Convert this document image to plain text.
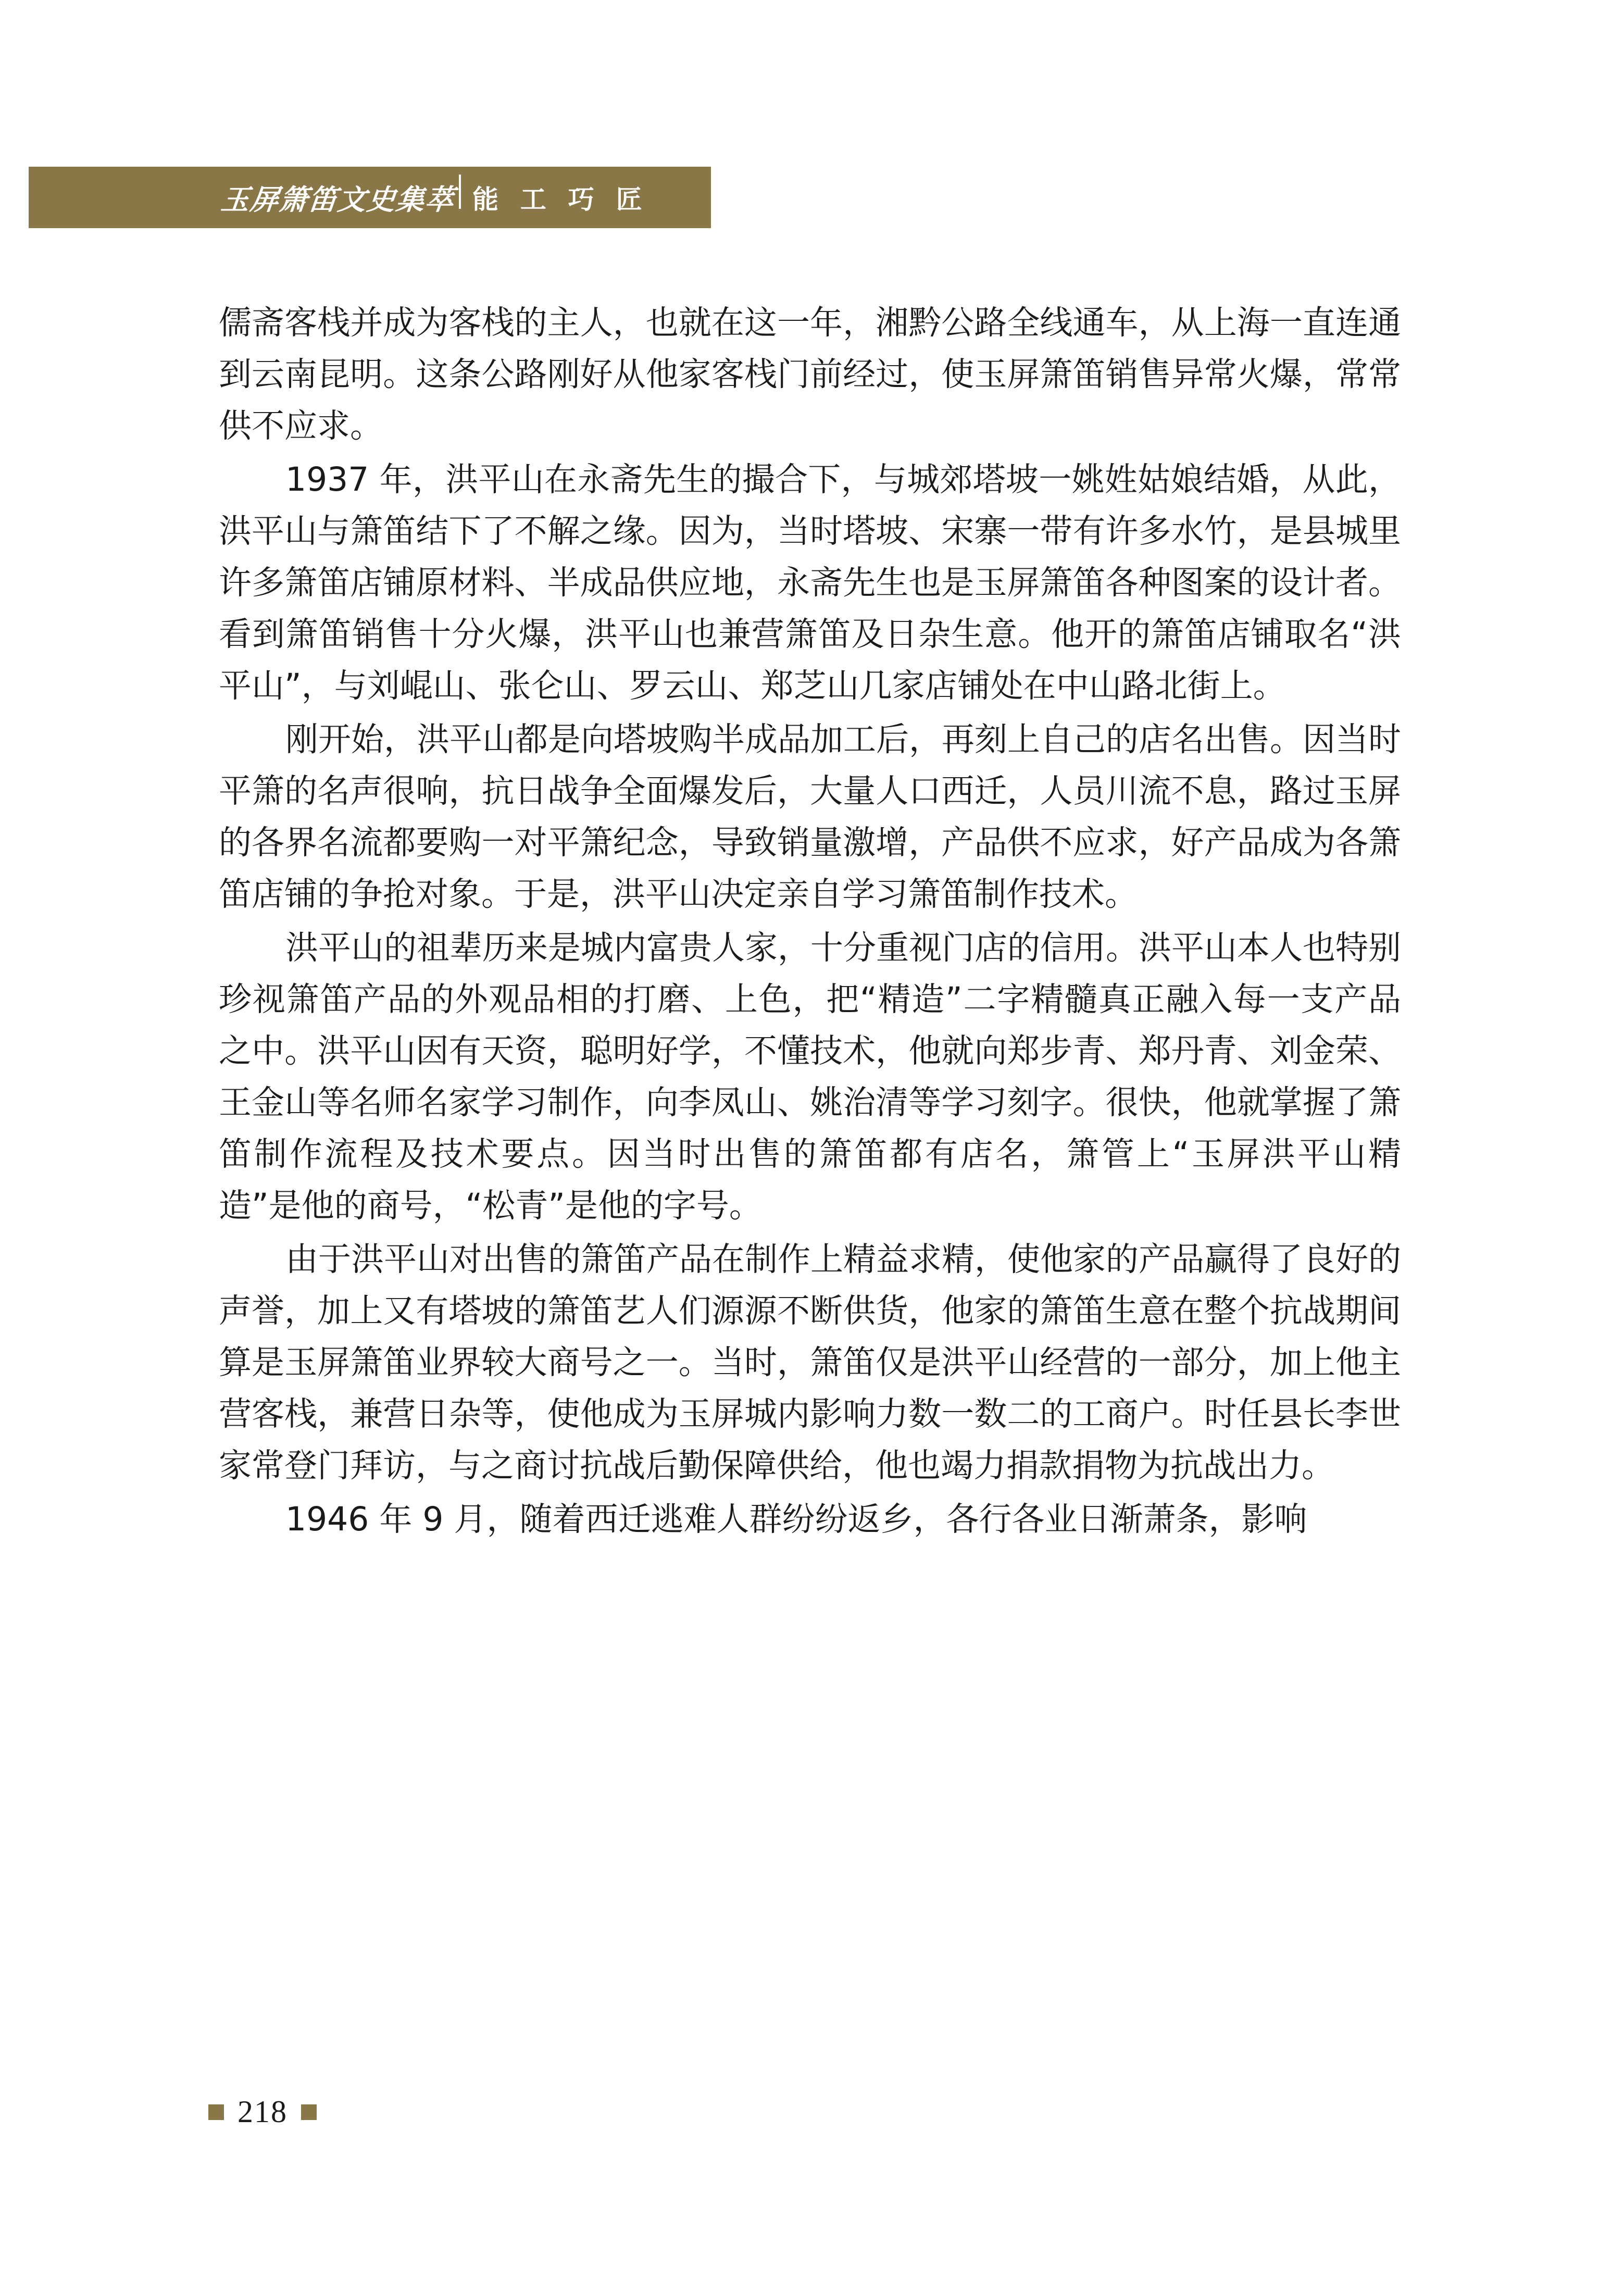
玉屏箫笛文史集萃 能 工 巧 匠

儒斋客栈并成为客栈的主人，也就在这一年，湘黔公路全线通车，从上海一直连通到云南昆明。这条公路刚好从他家客栈门前经过，使玉屏箫笛销售异常火爆，常常供不应求。

1937 年，洪平山在永斋先生的撮合下，与城郊塔坡一姚姓姑娘结婚，从此，洪平山与箫笛结下了不解之缘。因为，当时塔坡、宋寨一带有许多水竹，是县城里许多箫笛店铺原材料、半成品供应地，永斋先生也是玉屏箫笛各种图案的设计者。看到箫笛销售十分火爆，洪平山也兼营箫笛及日杂生意。他开的箫笛店铺取名“洪平山”，与刘崐山、张仑山、罗云山、郑芝山几家店铺处在中山路北街上。

刚开始，洪平山都是向塔坡购半成品加工后，再刻上自己的店名出售。因当时平箫的名声很响，抗日战争全面爆发后，大量人口西迁，人员川流不息，路过玉屏的各界名流都要购一对平箫纪念，导致销量激增，产品供不应求，好产品成为各箫笛店铺的争抢对象。于是，洪平山决定亲自学习箫笛制作技术。

洪平山的祖辈历来是城内富贵人家，十分重视门店的信用。洪平山本人也特别珍视箫笛产品的外观品相的打磨、上色，把“精造”二字精髓真正融入每一支产品之中。洪平山因有天资，聪明好学，不懂技术，他就向郑步青、郑丹青、刘金荣、王金山等名师名家学习制作，向李凤山、姚治清等学习刻字。很快，他就掌握了箫笛制作流程及技术要点。因当时出售的箫笛都有店名，箫管上“玉屏洪平山精造”是他的商号，“松青”是他的字号。

由于洪平山对出售的箫笛产品在制作上精益求精，使他家的产品赢得了良好的声誉，加上又有塔坡的箫笛艺人们源源不断供货，他家的箫笛生意在整个抗战期间算是玉屏箫笛业界较大商号之一。当时，箫笛仅是洪平山经营的一部分，加上他主营客栈，兼营日杂等，使他成为玉屏城内影响力数一数二的工商户。时任县长李世家常登门拜访，与之商讨抗战后勤保障供给，他也竭力捐款捐物为抗战出力。

1946 年 9 月，随着西迁逃难人群纷纷返乡，各行各业日渐萧条，影响

218
